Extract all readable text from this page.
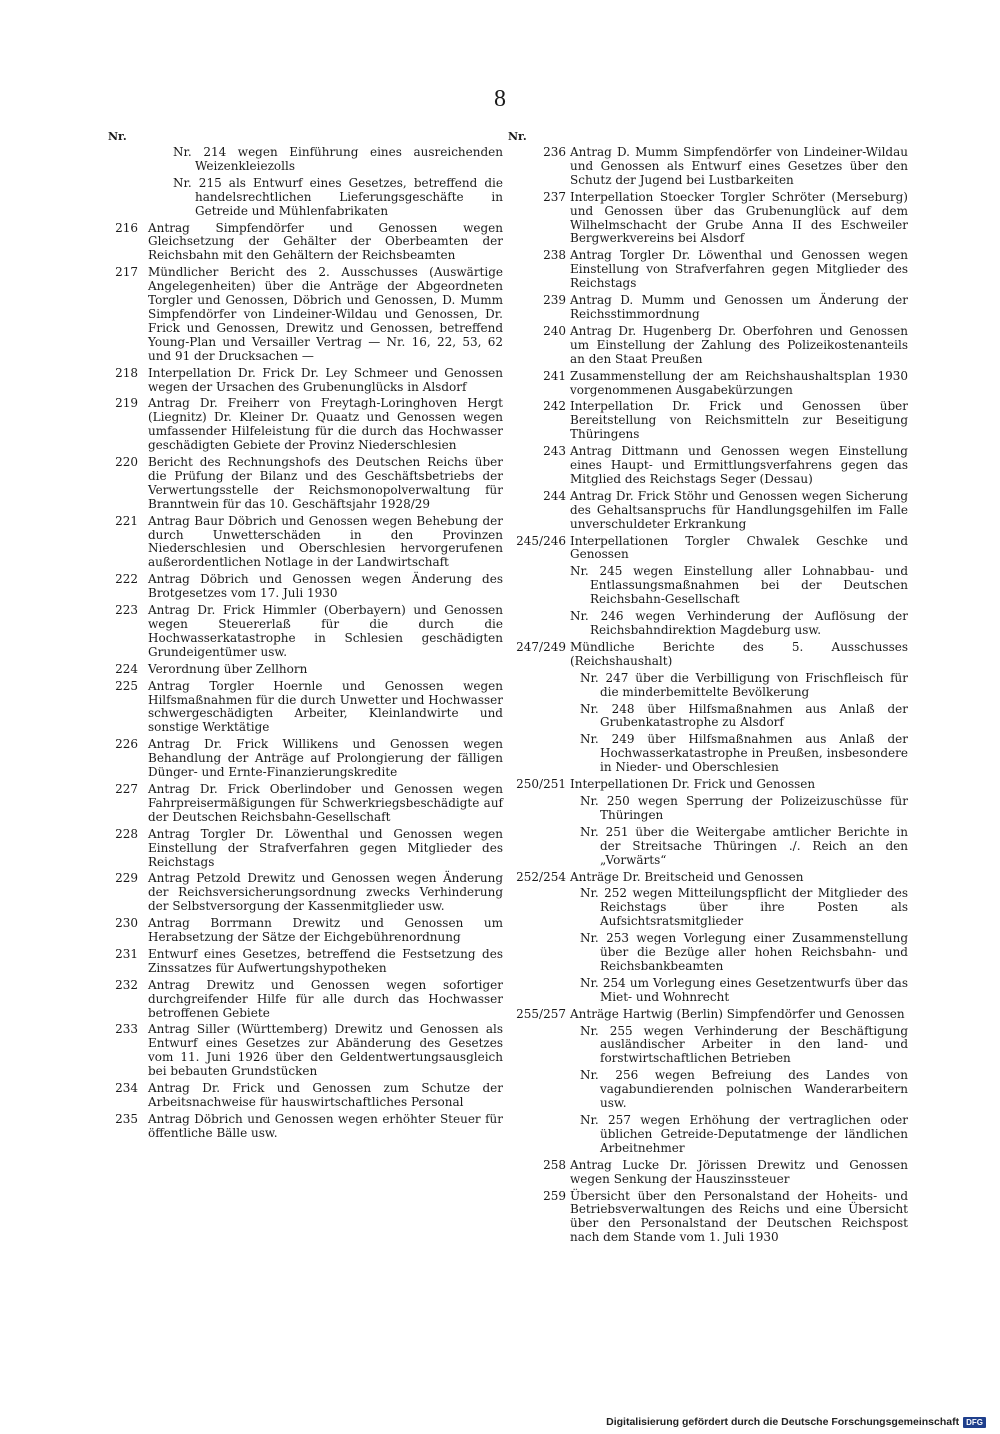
8
Nr.
Nr. 214 wegen Einführung eines ausreichenden Weizenkleiezolls
Nr. 215 als Entwurf eines Gesetzes, betreffend die handelsrechtlichen Lieferungsgeschäfte in Getreide und Mühlenfabrikaten
216 Antrag Simpfendörfer und Genossen wegen Gleichsetzung der Gehälter der Oberbeamten der Reichsbahn mit den Gehältern der Reichsbeamten
217 Mündlicher Bericht des 2. Ausschusses (Auswärtige Angelegenheiten) über die Anträge der Abgeordneten Torgler und Genossen, Döbrich und Genossen, D. Mumm Simpfendörfer von Lindeiner-Wildau und Genossen, Dr. Frick und Genossen, Drewitz und Genossen, betreffend Young-Plan und Versailler Vertrag — Nr. 16, 22, 53, 62 und 91 der Drucksachen —
218 Interpellation Dr. Frick Dr. Ley Schmeer und Genossen wegen der Ursachen des Grubenunglücks in Alsdorf
219 Antrag Dr. Freiherr von Freytagh-Loringhoven Hergt (Liegnitz) Dr. Kleiner Dr. Quaatz und Genossen wegen umfassender Hilfeleistung für die durch das Hochwasser geschädigten Gebiete der Provinz Niederschlesien
220 Bericht des Rechnungshofs des Deutschen Reichs über die Prüfung der Bilanz und des Geschäftsbetriebs der Verwertungsstelle der Reichsmonopolverwaltung für Branntwein für das 10. Geschäftsjahr 1928/29
221 Antrag Baur Döbrich und Genossen wegen Behebung der durch Unwetterschäden in den Provinzen Niederschlesien und Oberschlesien hervorgerufenen außerordentlichen Notlage in der Landwirtschaft
222 Antrag Döbrich und Genossen wegen Änderung des Brotgesetzes vom 17. Juli 1930
223 Antrag Dr. Frick Himmler (Oberbayern) und Genossen wegen Steuererlaß für die durch die Hochwasserkatastrophe in Schlesien geschädigten Grundeigentümer usw.
224 Verordnung über Zellhorn
225 Antrag Torgler Hoernle und Genossen wegen Hilfsmaßnahmen für die durch Unwetter und Hochwasser schwergeschädigten Arbeiter, Kleinlandwirte und sonstige Werktätige
226 Antrag Dr. Frick Willikens und Genossen wegen Behandlung der Anträge auf Prolongierung der fälligen Dünger- und Ernte-Finanzierungskredite
227 Antrag Dr. Frick Oberlindober und Genossen wegen Fahrpreisermäßigungen für Schwerkriegsbeschädigte auf der Deutschen Reichsbahn-Gesellschaft
228 Antrag Torgler Dr. Löwenthal und Genossen wegen Einstellung der Strafverfahren gegen Mitglieder des Reichstags
229 Antrag Petzold Drewitz und Genossen wegen Änderung der Reichsversicherungsordnung zwecks Verhinderung der Selbstversorgung der Kassenmitglieder usw.
230 Antrag Borrmann Drewitz und Genossen um Herabsetzung der Sätze der Eichgebührenordnung
231 Entwurf eines Gesetzes, betreffend die Festsetzung des Zinssatzes für Aufwertungshypotheken
232 Antrag Drewitz und Genossen wegen sofortiger durchgreifender Hilfe für alle durch das Hochwasser betroffenen Gebiete
233 Antrag Siller (Württemberg) Drewitz und Genossen als Entwurf eines Gesetzes zur Abänderung des Gesetzes vom 11. Juni 1926 über den Geldentwertungsausgleich bei bebauten Grundstücken
234 Antrag Dr. Frick und Genossen zum Schutze der Arbeitsnachweise für hauswirtschaftliches Personal
235 Antrag Döbrich und Genossen wegen erhöhter Steuer für öffentliche Bälle usw.
Nr.
236 Antrag D. Mumm Simpfendörfer von Lindeiner-Wildau und Genossen als Entwurf eines Gesetzes über den Schutz der Jugend bei Lustbarkeiten
237 Interpellation Stoecker Torgler Schröter (Merseburg) und Genossen über das Grubenunglück auf dem Wilhelmschacht der Grube Anna II des Eschweiler Bergwerkvereins bei Alsdorf
238 Antrag Torgler Dr. Löwenthal und Genossen wegen Einstellung von Strafverfahren gegen Mitglieder des Reichstags
239 Antrag D. Mumm und Genossen um Änderung der Reichsstimmordnung
240 Antrag Dr. Hugenberg Dr. Oberfohren und Genossen um Einstellung der Zahlung des Polizeikostenanteils an den Staat Preußen
241 Zusammenstellung der am Reichshaushaltsplan 1930 vorgenommenen Ausgabekürzungen
242 Interpellation Dr. Frick und Genossen über Bereitstellung von Reichsmitteln zur Beseitigung Thüringens
243 Antrag Dittmann und Genossen wegen Einstellung eines Haupt- und Ermittlungsverfahrens gegen das Mitglied des Reichstags Seger (Dessau)
244 Antrag Dr. Frick Stöhr und Genossen wegen Sicherung des Gehaltsanspruchs für Handlungsgehilfen im Falle unverschuldeter Erkrankung
245/246 Interpellationen Torgler Chwalek Geschke und Genossen
Nr. 245 wegen Einstellung aller Lohnabbau- und Entlassungsmaßnahmen bei der Deutschen Reichsbahn-Gesellschaft
Nr. 246 wegen Verhinderung der Auflösung der Reichsbahndirektion Magdeburg usw.
247/249 Mündliche Berichte des 5. Ausschusses (Reichshaushalt)
Nr. 247 über die Verbilligung von Frischfleisch für die minderbemittelte Bevölkerung
Nr. 248 über Hilfsmaßnahmen aus Anlaß der Grubenkatastrophe zu Alsdorf
Nr. 249 über Hilfsmaßnahmen aus Anlaß der Hochwasserkatastrophe in Preußen, insbesondere in Nieder- und Oberschlesien
250/251 Interpellationen Dr. Frick und Genossen
Nr. 250 wegen Sperrung der Polizeizuschüsse für Thüringen
Nr. 251 über die Weitergabe amtlicher Berichte in der Streitsache Thüringen ./. Reich an den „Vorwärts“
252/254 Anträge Dr. Breitscheid und Genossen
Nr. 252 wegen Mitteilungspflicht der Mitglieder des Reichstags über ihre Posten als Aufsichtsratsmitglieder
Nr. 253 wegen Vorlegung einer Zusammenstellung über die Bezüge aller hohen Reichsbahn- und Reichsbankbeamten
Nr. 254 um Vorlegung eines Gesetzentwurfs über das Miet- und Wohnrecht
255/257 Anträge Hartwig (Berlin) Simpfendörfer und Genossen
Nr. 255 wegen Verhinderung der Beschäftigung ausländischer Arbeiter in den land- und forstwirtschaftlichen Betrieben
Nr. 256 wegen Befreiung des Landes von vagabundierenden polnischen Wanderarbeitern usw.
Nr. 257 wegen Erhöhung der vertraglichen oder üblichen Getreide-Deputatmenge der ländlichen Arbeitnehmer
258 Antrag Lucke Dr. Jörissen Drewitz und Genossen wegen Senkung der Hauszinssteuer
259 Übersicht über den Personalstand der Hoheits- und Betriebsverwaltungen des Reichs und eine Übersicht über den Personalstand der Deutschen Reichspost nach dem Stande vom 1. Juli 1930
Digitalisierung gefördert durch die Deutsche Forschungsgemeinschaft DFG
